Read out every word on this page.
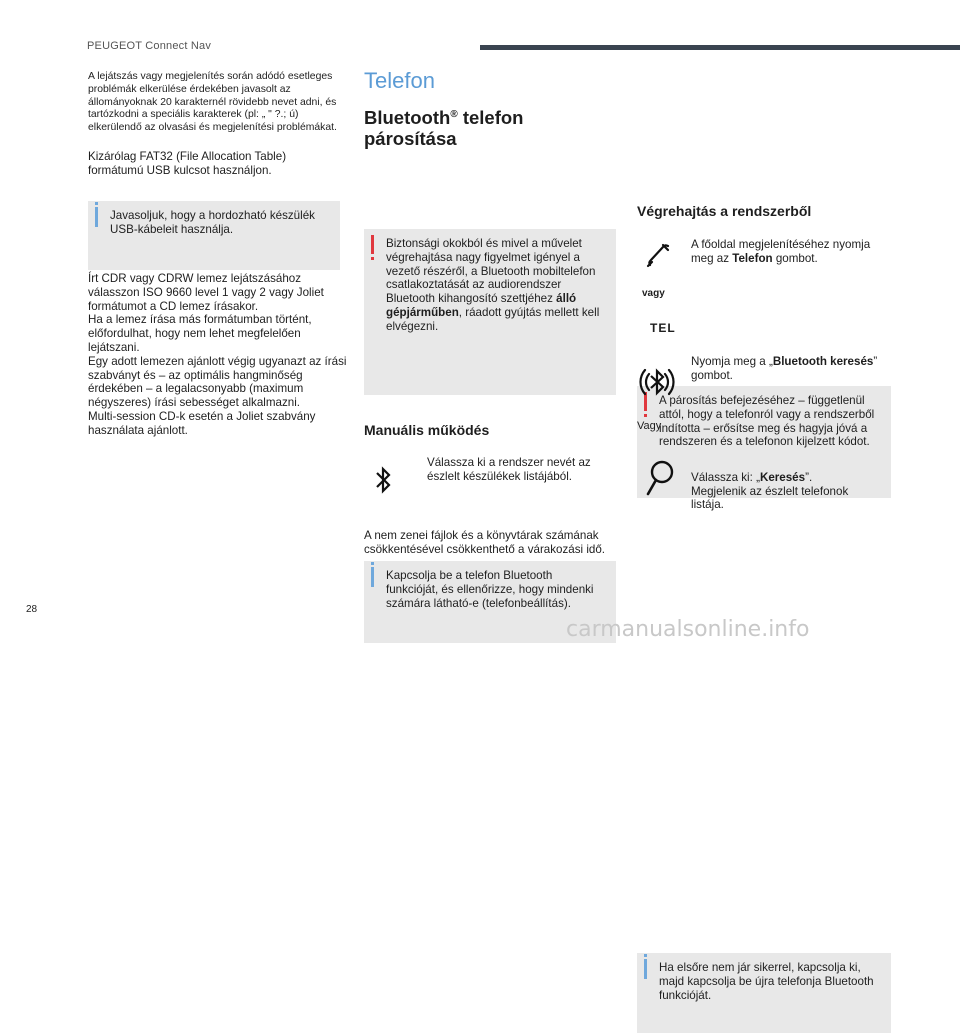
PEUGEOT Connect Nav

A lejátszás vagy megjelenítés során adódó esetleges problémák elkerülése érdekében javasolt az állományoknak 20 karakternél rövidebb nevet adni, és tartózkodni a speciális karakterek (pl: „ " ?.; ú) elkerülendő az olvasási és megjelenítési problémákat.

Kizárólag FAT32 (File Allocation Table) formátumú USB kulcsot használjon.

Javasoljuk, hogy a hordozható készülék USB-kábeleit használja.

Írt CDR vagy CDRW lemez lejátszásához válasszon ISO 9660 level 1 vagy 2 vagy Joliet formátumot a CD lemez írásakor.
Ha a lemez írása más formátumban történt, előfordulhat, hogy nem lehet megfelelően lejátszani.
Egy adott lemezen ajánlott végig ugyanazt az írási szabványt és – az optimális hangminőség érdekében – a legalacsonyabb (maximum négyszeres) írási sebességet alkalmazni.
Multi-session CD-k esetén a Joliet szabvány használata ajánlott.

Telefon
Bluetooth® telefon
párosítása

Biztonsági okokból és mivel a művelet végrehajtása nagy figyelmet igényel a vezető részéről, a Bluetooth mobiltelefon csatlakoztatását az audiorendszer Bluetooth kihangosító szettjéhez álló gépjárműben, ráadott gyújtás mellett kell elvégezni.

Kapcsolja be a telefon Bluetooth funkcióját, és ellenőrizze, hogy mindenki számára látható-e (telefonbeállítás).

Manuális működés

Válassza ki a rendszer nevét az észlelt készülékek listájából.

A nem zenei fájlok és a könyvtárak számának csökkentésével csökkenthető a várakozási idő.

A párosítás befejezéséhez – függetlenül attól, hogy a telefonról vagy a rendszerből indította – erősítse meg és hagyja jóvá a rendszeren és a telefonon kijelzett kódot.

Végrehajtás a rendszerből

A főoldal megjelenítéséhez nyomja meg az Telefon gombot.

vagy
TEL

Nyomja meg a „Bluetooth keresés” gombot.

Vagy

Válassza ki: „Keresés”.
Megjelenik az észlelt telefonok listája.

Ha elsőre nem jár sikerrel, kapcsolja ki, majd kapcsolja be újra telefonja Bluetooth funkcióját.

28
carmanualsonline.info
